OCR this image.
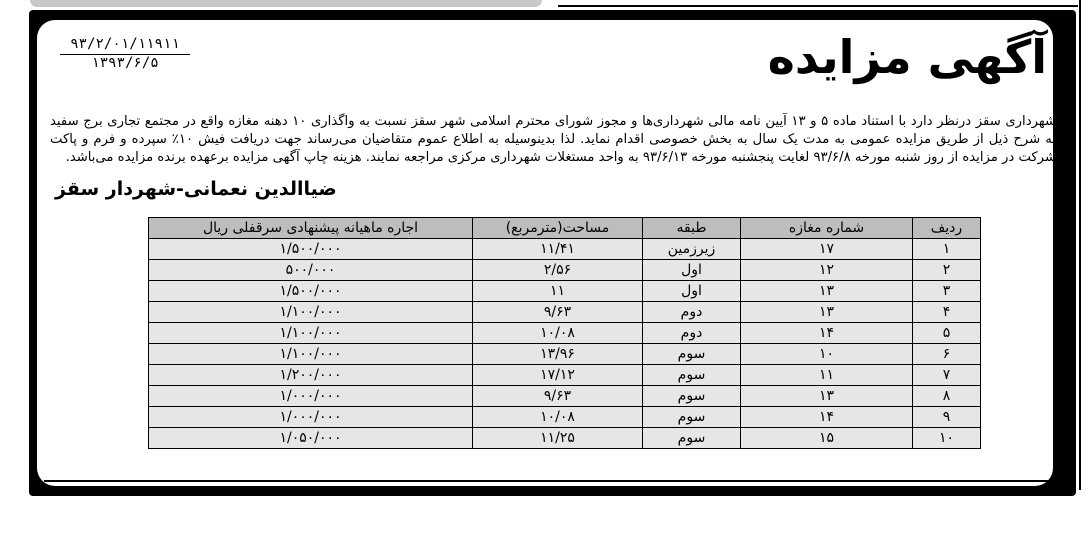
۹۳/۲/۰۱/۱۱۹۱۱
۱۳۹۳/۶/۵	آگهی مزایده
شهرداری سقز درنظر دارد با استناد ماده ۵ و ۱۳ آیین نامه مالی شهرداری‌ها و مجوز شورای محترم اسلامی شهر سقز نسبت به واگذاری ۱۰ دهنه مغازه واقع در مجتمع تجاری برج سفید به شرح ذیل از طریق مزایده عمومی به مدت یک سال به بخش خصوصی اقدام نماید. لذا بدینوسیله به اطلاع عموم متقاضیان می‌رساند جهت دریافت فیش ۱۰٪ سپرده و فرم و پاکت شرکت در مزایده از روز شنبه مورخه ۹۳/۶/۸ لغایت پنجشنبه مورخه ۹۳/۶/۱۳ به واحد مستغلات شهرداری مرکزی مراجعه نمایند. هزینه چاپ آگهی مزایده برعهده برنده مزایده می‌باشد.
ضیاالدین نعمانی-شهردار سقز
ردیف	شماره مغازه	طبقه	مساحت(مترمربع)	اجاره ماهیانه پیشنهادی سرقفلی ریال
۱	۱۷	زیرزمین	۱۱/۴۱	۱/۵۰۰/۰۰۰
۲	۱۲	اول	۲/۵۶	۵۰۰/۰۰۰
۳	۱۳	اول	۱۱	۱/۵۰۰/۰۰۰
۴	۱۳	دوم	۹/۶۳	۱/۱۰۰/۰۰۰
۵	۱۴	دوم	۱۰/۰۸	۱/۱۰۰/۰۰۰
۶	۱۰	سوم	۱۳/۹۶	۱/۱۰۰/۰۰۰
۷	۱۱	سوم	۱۷/۱۲	۱/۲۰۰/۰۰۰
۸	۱۳	سوم	۹/۶۳	۱/۰۰۰/۰۰۰
۹	۱۴	سوم	۱۰/۰۸	۱/۰۰۰/۰۰۰
۱۰	۱۵	سوم	۱۱/۲۵	۱/۰۵۰/۰۰۰
